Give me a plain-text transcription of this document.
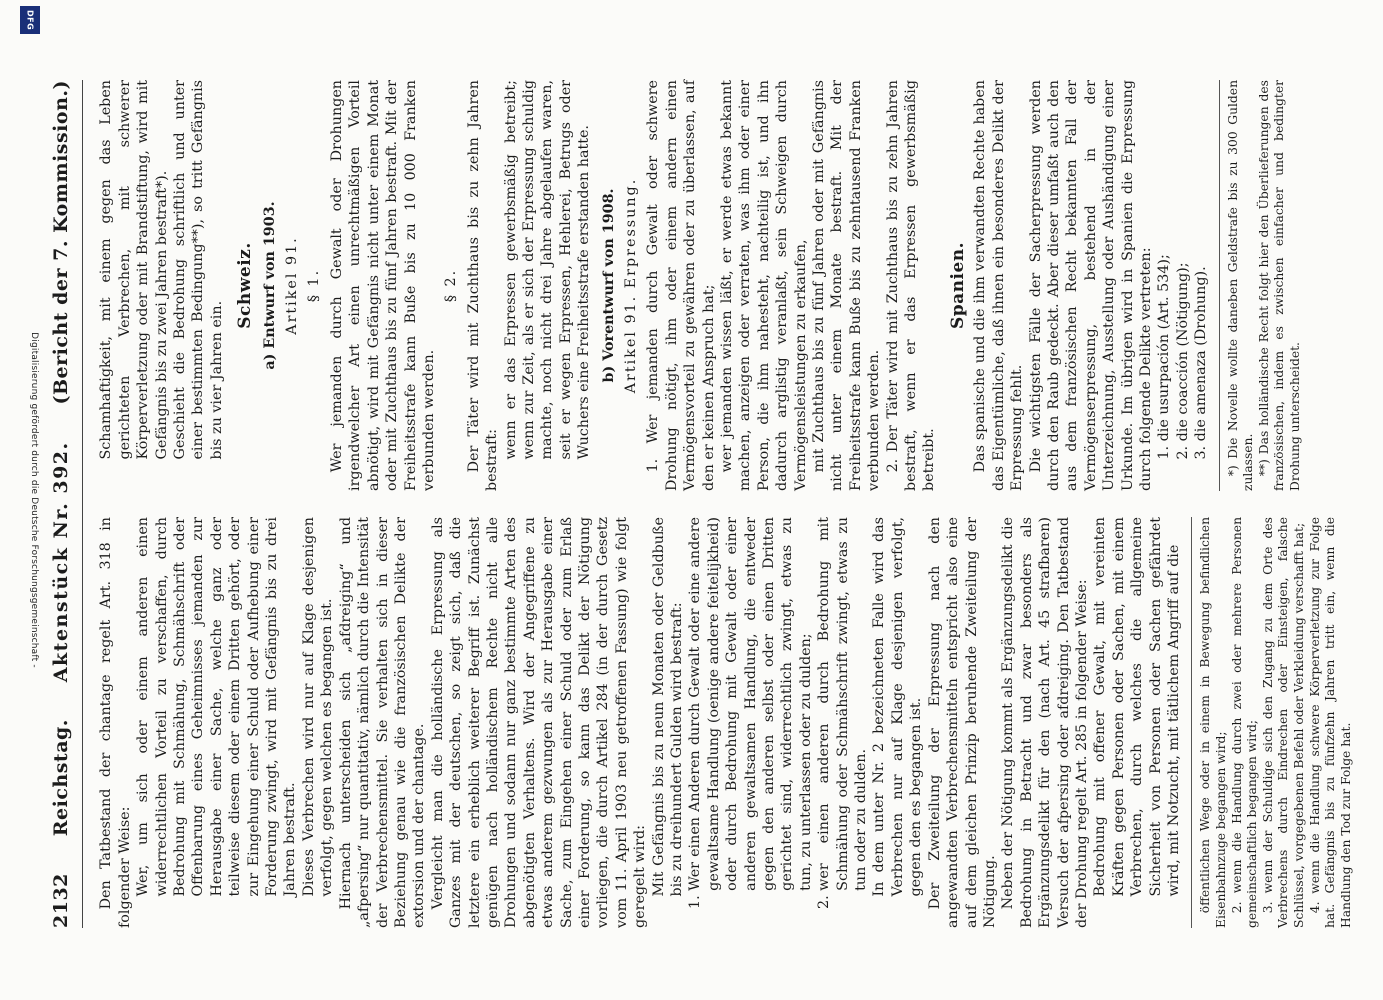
Digitalisierung gefördert durch die Deutsche Forschungsgemeinschaft -
DFG
2132
Reichstag.
Aktenstück Nr. 392.
(Bericht der 7. Kommission.)

Den Tatbestand der chantage regelt Art. 318 in folgender Weise: Wer, um sich oder einem anderen einen widerrechtlichen Vorteil zu verschaffen, durch Bedrohung mit Schmähung, Schmähschrift oder Offenbarung eines Geheimnisses jemanden zur Herausgabe einer Sache, welche ganz oder teilweise diesem oder einem Dritten gehört, oder zur Eingehung einer Schuld oder Aufhebung einer Forderung zwingt, wird mit Gefängnis bis zu drei Jahren bestraft. Dieses Verbrechen wird nur auf Klage desjenigen verfolgt, gegen welchen es begangen ist. Hiernach unterscheiden sich „afdreiging“ und „afpersing“ nur quantitativ, nämlich durch die Intensität der Verbrechensmittel. Sie verhalten sich in dieser Beziehung genau wie die französischen Delikte der extorsion und der chantage. Vergleicht man die holländische Erpressung als Ganzes mit der deutschen, so zeigt sich, daß die letztere ein erheblich weiterer Begriff ist. Zunächst genügen nach holländischem Rechte nicht alle Drohungen und sodann nur ganz bestimmte Arten des abgenötigten Verhaltens. Wird der Angegriffene zu etwas anderem gezwungen als zur Herausgabe einer Sache, zum Eingehen einer Schuld oder zum Erlaß einer Forderung, so kann das Delikt der Nötigung vorliegen, die durch Artikel 284 (in der durch Gesetz vom 11. April 1903 neu getroffenen Fassung) wie folgt geregelt wird: Mit Gefängnis bis zu neun Monaten oder Geldbuße bis zu dreihundert Gulden wird bestraft: 1. Wer einen Anderen durch Gewalt oder eine andere gewaltsame Handlung (oenige andere feitelijkheid) oder durch Bedrohung mit Gewalt oder einer anderen gewaltsamen Handlung, die entweder gegen den anderen selbst oder einen Dritten gerichtet sind, widerrechtlich zwingt, etwas zu tun, zu unterlassen oder zu dulden; 2. wer einen anderen durch Bedrohung mit Schmähung oder Schmähschrift zwingt, etwas zu tun oder zu dulden. In dem unter Nr. 2 bezeichneten Falle wird das Verbrechen nur auf Klage desjenigen verfolgt, gegen den es begangen ist. Der Zweiteilung der Erpressung nach den angewandten Verbrechensmitteln entspricht also eine auf dem gleichen Prinzip beruhende Zweiteilung der Nötigung. Neben der Nötigung kommt als Ergänzungsdelikt die Bedrohung in Betracht und zwar besonders als Ergänzungsdelikt für den (nach Art. 45 strafbaren) Versuch der afpersing oder afdreiging. Den Tatbestand der Drohung regelt Art. 285 in folgender Weise: Bedrohung mit offener Gewalt, mit vereinten Kräften gegen Personen oder Sachen, mit einem Verbrechen, durch welches die allgemeine Sicherheit von Personen oder Sachen gefährdet wird, mit Notzucht, mit tätlichem Angriff auf die öffentlichen Wege oder in einem in Bewegung befindlichen Eisenbahnzuge begangen wird; 2. wenn die Handlung durch zwei oder mehrere Personen gemeinschaftlich begangen wird; 3. wenn der Schuldige sich den Zugang zu dem Orte des Verbrechens durch Eindrechen oder Einsteigen, falsche Schlüssel, vorgegebenen Befehl oder Verkleidung verschafft hat; 4. wenn die Handlung schwere Körperverletzung zur Folge hat. Gefängnis bis zu fünfzehn Jahren tritt ein, wenn die Handlung den Tod zur Folge hat.

Schamhaftigkeit, mit einem gegen das Leben gerichteten Verbrechen, mit schwerer Körperverletzung oder mit Brandstiftung, wird mit Gefängnis bis zu zwei Jahren bestraft*). Geschieht die Bedrohung schriftlich und unter einer bestimmten Bedingung**), so tritt Gefängnis bis zu vier Jahren ein.

Schweiz. a) Entwurf von 1903. Artikel 91. § 1. Wer jemanden durch Gewalt oder Drohungen irgendwelcher Art einen unrechtmäßigen Vorteil abnötigt, wird mit Gefängnis nicht unter einem Monat oder mit Zuchthaus bis zu fünf Jahren bestraft. Mit der Freiheitsstrafe kann Buße bis zu 10 000 Franken verbunden werden.

§ 2. Der Täter wird mit Zuchthaus bis zu zehn Jahren bestraft:

wenn er das Erpressen gewerbsmäßig betreibt; wenn zur Zeit, als er sich der Erpressung schuldig machte, noch nicht drei Jahre abgelaufen waren, seit er wegen Erpressen, Hehlerei, Betrugs oder Wuchers eine Freiheitsstrafe erstanden hatte. b) Vorentwurf von 1908. Artikel 91. Erpressung. 1. Wer jemanden durch Gewalt oder schwere Drohung nötigt, ihm oder einem andern einen Vermögensvorteil zu gewähren oder zu überlassen, auf den er keinen Anspruch hat; wer jemanden wissen läßt, er werde etwas bekannt machen, anzeigen oder verraten, was ihm oder einer Person, die ihm nahesteht, nachteilig ist, und ihn dadurch arglistig veranlaßt, sein Schweigen durch Vermögensleistungen zu erkaufen, mit Zuchthaus bis zu fünf Jahren oder mit Gefängnis nicht unter einem Monate bestraft. Mit der Freiheitsstrafe kann Buße bis zu zehntausend Franken verbunden werden. 2. Der Täter wird mit Zuchthaus bis zu zehn Jahren bestraft, wenn er das Erpressen gewerbsmäßig betreibt.

Spanien. Das spanische und die ihm verwandten Rechte haben das Eigentümliche, daß ihnen ein besonderes Delikt der Erpressung fehlt. Die wichtigsten Fälle der Sacherpressung werden durch den Raub gedeckt. Aber dieser umfaßt auch den aus dem französischen Recht bekannten Fall der Vermögenserpressung, bestehend in der Unterzeichnung, Ausstellung oder Aushändigung einer Urkunde. Im übrigen wird in Spanien die Erpressung durch folgende Delikte vertreten: 1. die usurpación (Art. 534); 2. die coacción (Nötigung); 3. die amenaza (Drohung). *) Die Novelle wollte daneben Geldstrafe bis zu 300 Gulden zulassen. **) Das holländische Recht folgt hier den Überlieferungen des französischen, indem es zwischen einfacher und bedingter Drohung unterscheidet.
